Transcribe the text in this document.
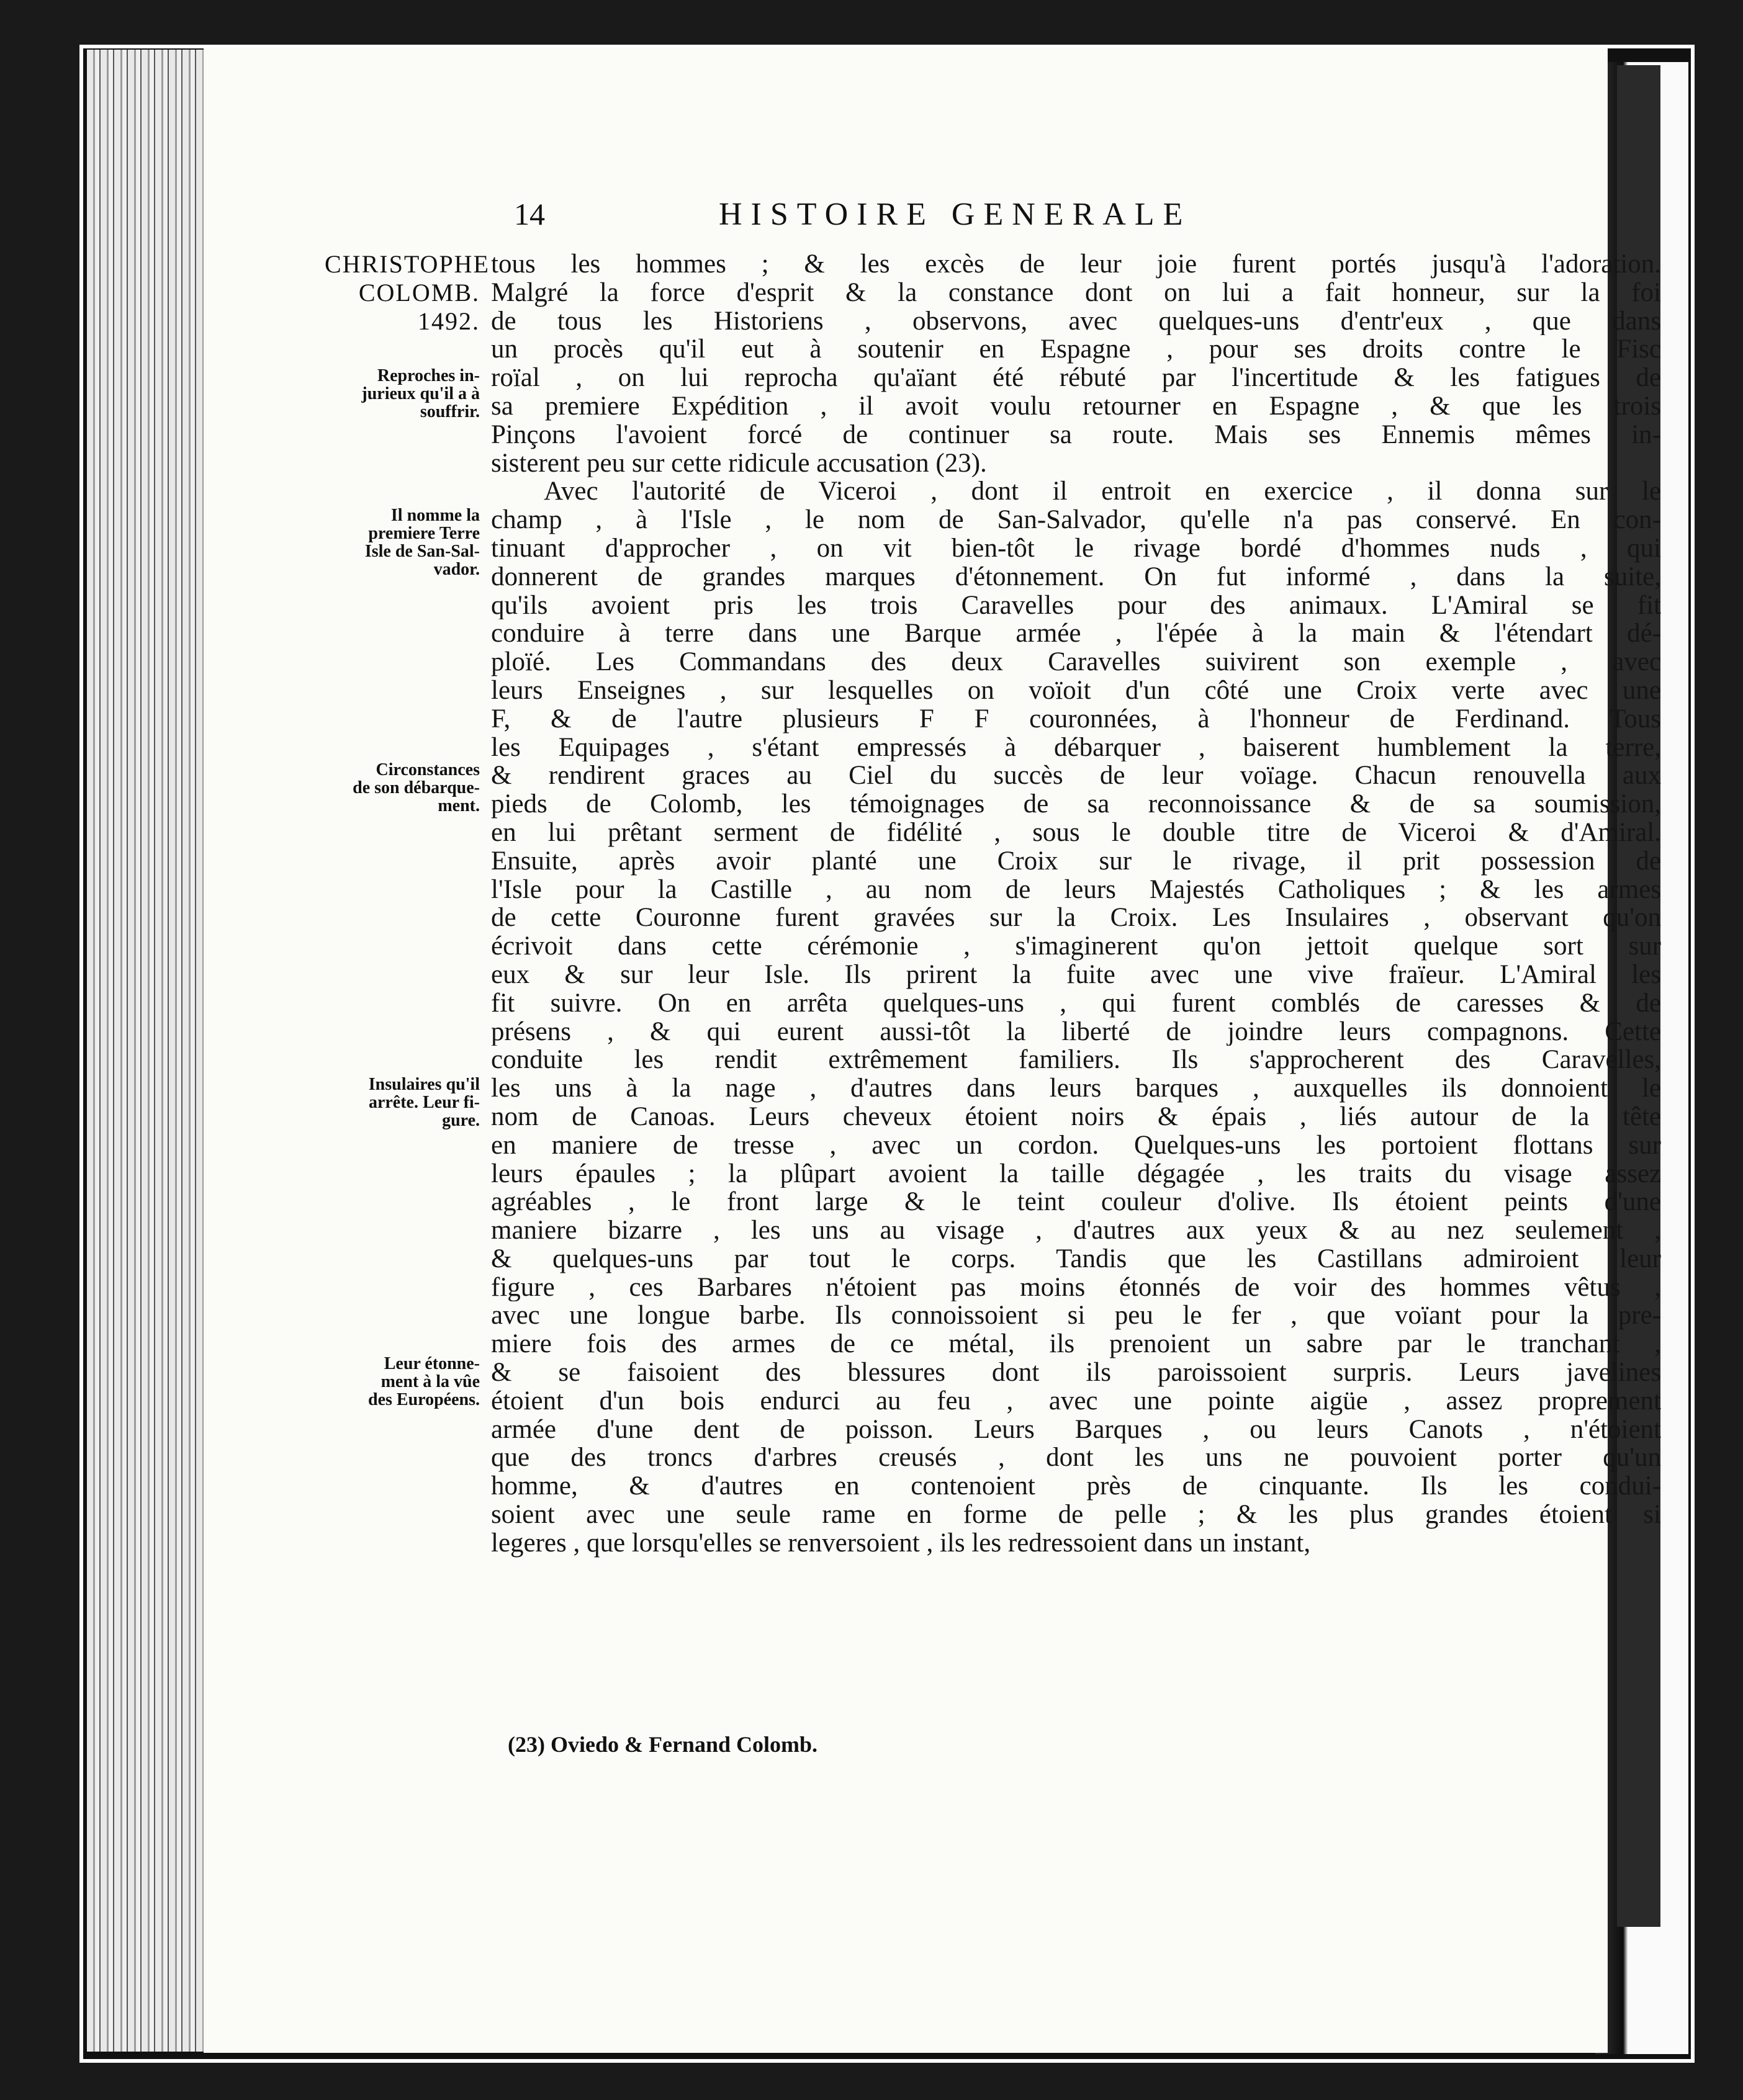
14	HISTOIRE GENERALE
CHRISTOPHE
COLOMB.
1492.
Reproches in-
jurieux qu'il a à
souffrir.
Il nomme la
premiere Terre
Isle de San-Sal-
vador.
Circonstances
de son débarque-
ment.
Insulaires qu'il
arrête. Leur fi-
gure.
Leur étonne-
ment à la vûe
des Européens.
tous les hommes ; & les excès de leur joie furent portés jusqu'à l'adoration.
Malgré la force d'esprit & la constance dont on lui a fait honneur, sur la foi
de tous les Historiens , observons, avec quelques-uns d'entr'eux , que dans
un procès qu'il eut à soutenir en Espagne , pour ses droits contre le Fisc
roïal , on lui reprocha qu'aïant été rébuté par l'incertitude & les fatigues de
sa premiere Expédition , il avoit voulu retourner en Espagne , & que les trois
Pinçons l'avoient forcé de continuer sa route. Mais ses Ennemis mêmes in-
sisterent peu sur cette ridicule accusation (23).
Avec l'autorité de Viceroi , dont il entroit en exercice , il donna sur le
champ , à l'Isle , le nom de San-Salvador, qu'elle n'a pas conservé. En con-
tinuant d'approcher , on vit bien-tôt le rivage bordé d'hommes nuds , qui
donnerent de grandes marques d'étonnement. On fut informé , dans la suite,
qu'ils avoient pris les trois Caravelles pour des animaux. L'Amiral se fit
conduire à terre dans une Barque armée , l'épée à la main & l'étendart dé-
ploïé. Les Commandans des deux Caravelles suivirent son exemple , avec
leurs Enseignes , sur lesquelles on voïoit d'un côté une Croix verte avec une
F, & de l'autre plusieurs F F couronnées, à l'honneur de Ferdinand. Tous
les Equipages , s'étant empressés à débarquer , baiserent humblement la terre,
& rendirent graces au Ciel du succès de leur voïage. Chacun renouvella aux
pieds de Colomb, les témoignages de sa reconnoissance & de sa soumission,
en lui prêtant serment de fidélité , sous le double titre de Viceroi & d'Amiral.
Ensuite, après avoir planté une Croix sur le rivage, il prit possession de
l'Isle pour la Castille , au nom de leurs Majestés Catholiques ; & les armes
de cette Couronne furent gravées sur la Croix. Les Insulaires , observant qu'on
écrivoit dans cette cérémonie , s'imaginerent qu'on jettoit quelque sort sur
eux & sur leur Isle. Ils prirent la fuite avec une vive fraïeur. L'Amiral les
fit suivre. On en arrêta quelques-uns , qui furent comblés de caresses & de
présens , & qui eurent aussi-tôt la liberté de joindre leurs compagnons. Cette
conduite les rendit extrêmement familiers. Ils s'approcherent des Caravelles,
les uns à la nage , d'autres dans leurs barques , auxquelles ils donnoient le
nom de Canoas. Leurs cheveux étoient noirs & épais , liés autour de la tête
en maniere de tresse , avec un cordon. Quelques-uns les portoient flottans sur
leurs épaules ; la plûpart avoient la taille dégagée , les traits du visage assez
agréables , le front large & le teint couleur d'olive. Ils étoient peints d'une
maniere bizarre , les uns au visage , d'autres aux yeux & au nez seulement ,
& quelques-uns par tout le corps. Tandis que les Castillans admiroient leur
figure , ces Barbares n'étoient pas moins étonnés de voir des hommes vêtus ,
avec une longue barbe. Ils connoissoient si peu le fer , que voïant pour la pre-
miere fois des armes de ce métal, ils prenoient un sabre par le tranchant ,
& se faisoient des blessures dont ils paroissoient surpris. Leurs javelines
étoient d'un bois endurci au feu , avec une pointe aigüe , assez proprement
armée d'une dent de poisson. Leurs Barques , ou leurs Canots , n'étoient
que des troncs d'arbres creusés , dont les uns ne pouvoient porter qu'un
homme, & d'autres en contenoient près de cinquante. Ils les condui-
soient avec une seule rame en forme de pelle ; & les plus grandes étoient si
legeres , que lorsqu'elles se renversoient , ils les redressoient dans un instant,
(23) Oviedo & Fernand Colomb.
